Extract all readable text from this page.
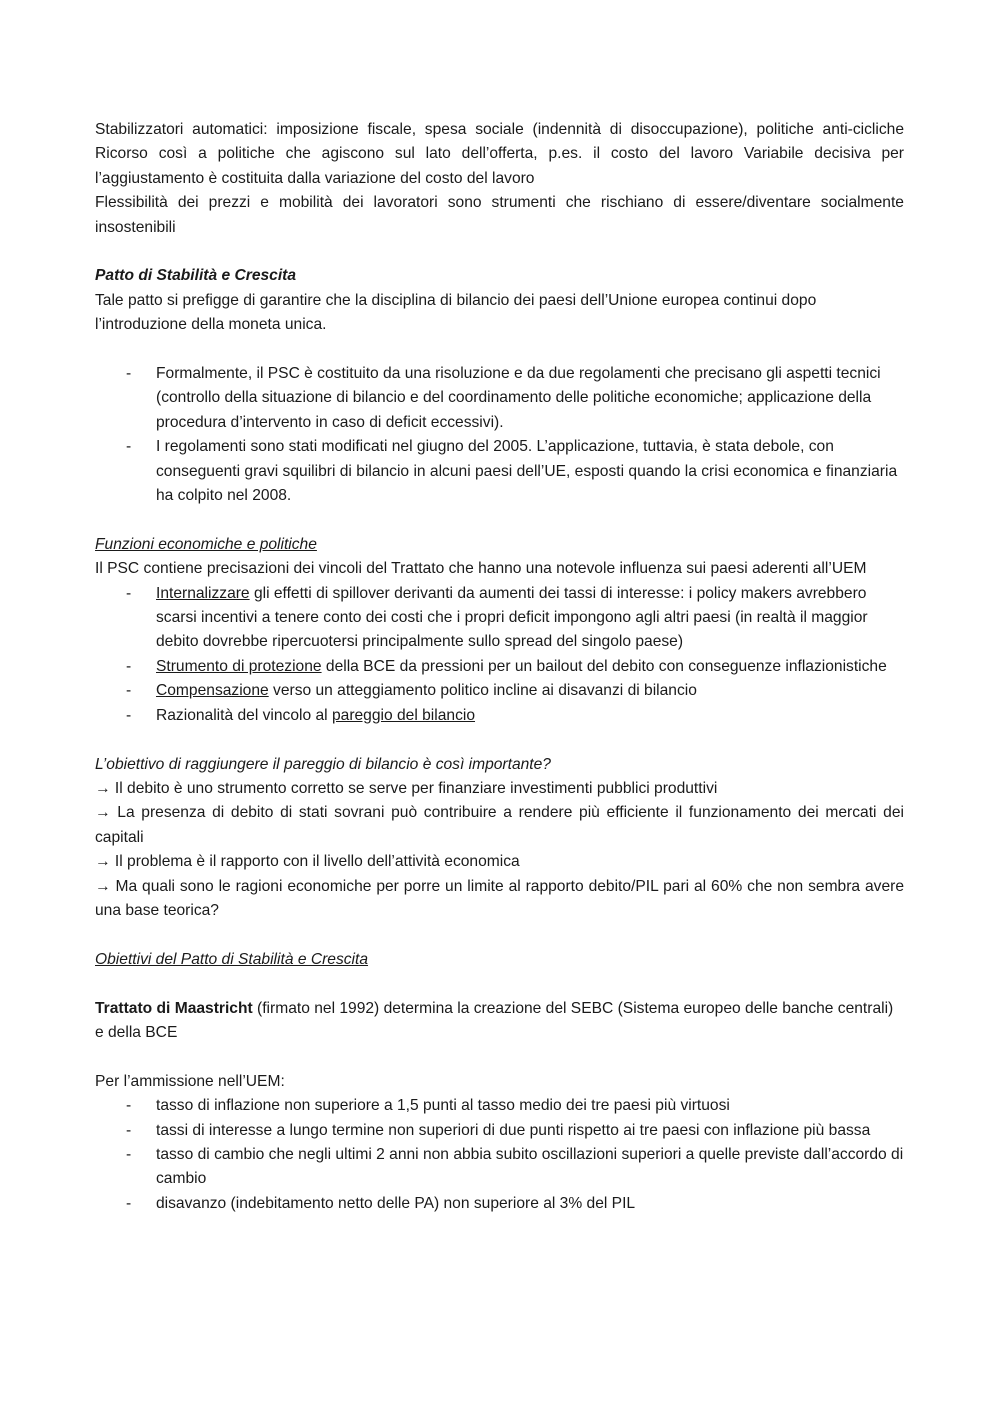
Stabilizzatori automatici: imposizione fiscale, spesa sociale (indennità di disoccupazione), politiche anti-cicliche Ricorso così a politiche che agiscono sul lato dell’offerta, p.es. il costo del lavoro Variabile decisiva per l’aggiustamento è costituita dalla variazione del costo del lavoro

Flessibilità dei prezzi e mobilità dei lavoratori sono strumenti che rischiano di essere/diventare socialmente insostenibili

Patto di Stabilità e Crescita

Tale patto si prefigge di garantire che la disciplina di bilancio dei paesi dell’Unione europea continui dopo l’introduzione della moneta unica.

- Formalmente, il PSC è costituito da una risoluzione e da due regolamenti che precisano gli aspetti tecnici (controllo della situazione di bilancio e del coordinamento delle politiche economiche; applicazione della procedura d’intervento in caso di deficit eccessivi).
- I regolamenti sono stati modificati nel giugno del 2005. L’applicazione, tuttavia, è stata debole, con conseguenti gravi squilibri di bilancio in alcuni paesi dell’UE, esposti quando la crisi economica e finanziaria ha colpito nel 2008.

Funzioni economiche e politiche

Il PSC contiene precisazioni dei vincoli del Trattato che hanno una notevole influenza sui paesi aderenti all’UEM

- Internalizzare gli effetti di spillover derivanti da aumenti dei tassi di interesse: i policy makers avrebbero scarsi incentivi a tenere conto dei costi che i propri deficit impongono agli altri paesi (in realtà il maggior debito dovrebbe ripercuotersi principalmente sullo spread del singolo paese)
- Strumento di protezione della BCE da pressioni per un bailout del debito con conseguenze inflazionistiche
- Compensazione verso un atteggiamento politico incline ai disavanzi di bilancio
- Razionalità del vincolo al pareggio del bilancio

L’obiettivo di raggiungere il pareggio di bilancio è così importante?

→ Il debito è uno strumento corretto se serve per finanziare investimenti pubblici produttivi

→ La presenza di debito di stati sovrani può contribuire a rendere più efficiente il funzionamento dei mercati dei capitali

→ Il problema è il rapporto con il livello dell’attività economica

→ Ma quali sono le ragioni economiche per porre un limite al rapporto debito/PIL pari al 60% che non sembra avere una base teorica?

Obiettivi del Patto di Stabilità e Crescita

Trattato di Maastricht (firmato nel 1992) determina la creazione del SEBC (Sistema europeo delle banche centrali) e della BCE

Per l’ammissione nell’UEM:

- tasso di inflazione non superiore a 1,5 punti al tasso medio dei tre paesi più virtuosi
- tassi di interesse a lungo termine non superiori di due punti rispetto ai tre paesi con inflazione più bassa
- tasso di cambio che negli ultimi 2 anni non abbia subito oscillazioni superiori a quelle previste dall’accordo di cambio
- disavanzo (indebitamento netto delle PA) non superiore al 3% del PIL
